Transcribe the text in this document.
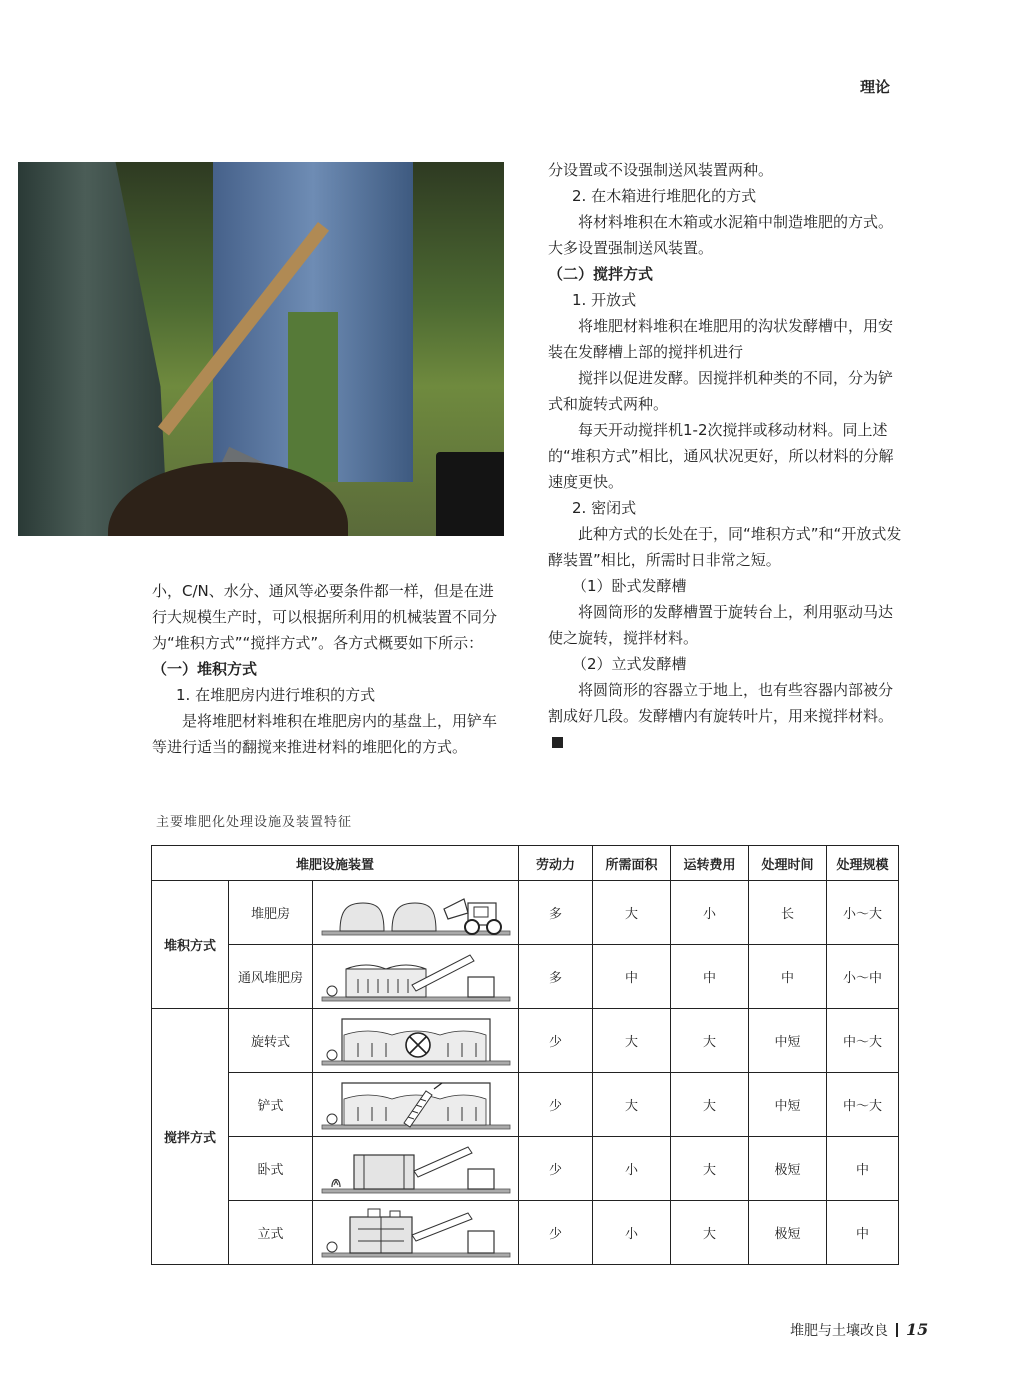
理论

小，C/N、水分、通风等必要条件都一样，但是在进行大规模生产时，可以根据所利用的机械装置不同分为“堆积方式”“搅拌方式”。各方式概要如下所示：

（一）堆积方式

1. 在堆肥房内进行堆积的方式

是将堆肥材料堆积在堆肥房内的基盘上，用铲车等进行适当的翻搅来推进材料的堆肥化的方式。

分设置或不设强制送风装置两种。

2. 在木箱进行堆肥化的方式

将材料堆积在木箱或水泥箱中制造堆肥的方式。大多设置强制送风装置。

（二）搅拌方式

1. 开放式

将堆肥材料堆积在堆肥用的沟状发酵槽中，用安装在发酵槽上部的搅拌机进行

搅拌以促进发酵。因搅拌机种类的不同，分为铲式和旋转式两种。

每天开动搅拌机1-2次搅拌或移动材料。同上述的“堆积方式”相比，通风状况更好，所以材料的分解速度更快。

2. 密闭式

此种方式的长处在于，同“堆积方式”和“开放式发酵装置”相比，所需时日非常之短。

（1）卧式发酵槽

将圆筒形的发酵槽置于旋转台上，利用驱动马达使之旋转，搅拌材料。

（2）立式发酵槽

将圆筒形的容器立于地上，也有些容器内部被分割成好几段。发酵槽内有旋转叶片，用来搅拌材料。

主要堆肥化处理设施及装置特征
堆肥设施装置			劳动力	所需面积	运转费用	处理时间	处理规模
堆积方式	堆肥房		多	大	小	长	小～大
	通风堆肥房		多	中	中	中	小～中
搅拌方式	旋转式		少	大	大	中短	中～大
	铲式		少	大	大	中短	中～大
	卧式		少	小	大	极短	中
	立式		少	小	大	极短	中
堆肥与土壤改良 15
